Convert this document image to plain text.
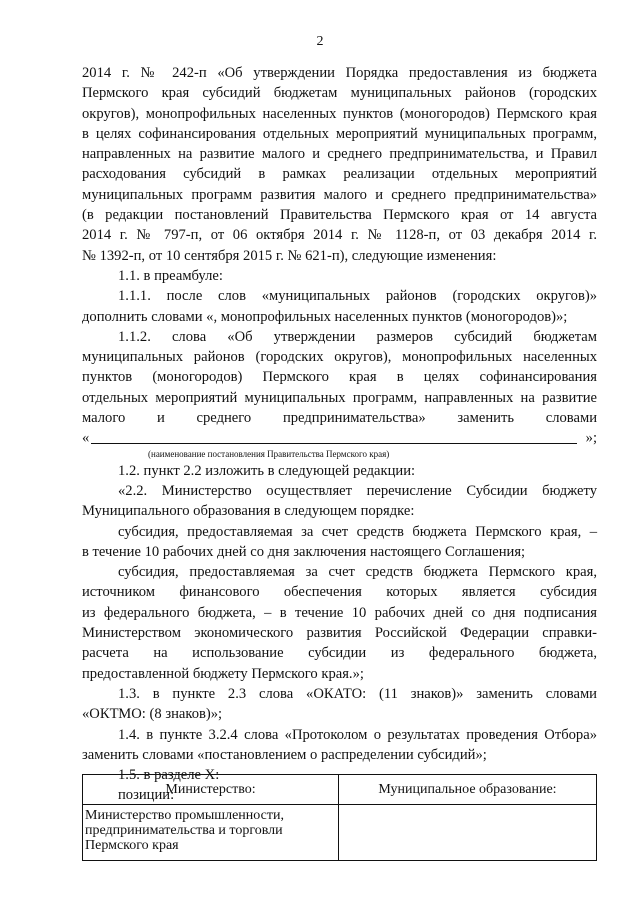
2

2014 г. № 242-п «Об утверждении Порядка предоставления из бюджета

Пермского края субсидий бюджетам муниципальных районов (городских

округов), монопрофильных населенных пунктов (моногородов) Пермского края

в целях софинансирования отдельных мероприятий муниципальных программ,

направленных на развитие малого и среднего предпринимательства, и Правил

расходования субсидий в рамках реализации отдельных мероприятий

муниципальных программ развития малого и среднего предпринимательства»

(в редакции постановлений Правительства Пермского края от 14 августа

2014 г. № 797-п, от 06 октября 2014 г. № 1128-п, от 03 декабря 2014 г.

№ 1392-п, от 10 сентября 2015 г. № 621-п), следующие изменения:

1.1. в преамбуле:

1.1.1. после слов «муниципальных районов (городских округов)»

дополнить словами «, монопрофильных населенных пунктов (моногородов)»;

1.1.2. слова «Об утверждении размеров субсидий бюджетам

муниципальных районов (городских округов), монопрофильных населенных

пунктов (моногородов) Пермского края в целях софинансирования

отдельных мероприятий муниципальных программ, направленных на развитие

малого и среднего предпринимательства» заменить словами

«	»;

(наименование постановления Правительства Пермского края)

1.2. пункт 2.2 изложить в следующей редакции:

«2.2. Министерство осуществляет перечисление Субсидии бюджету

Муниципального образования в следующем порядке:

субсидия, предоставляемая за счет средств бюджета Пермского края, –

в течение 10 рабочих дней со дня заключения настоящего Соглашения;

субсидия, предоставляемая за счет средств бюджета Пермского края,

источником финансового обеспечения которых является субсидия

из федерального бюджета, – в течение 10 рабочих дней со дня подписания

Министерством экономического развития Российской Федерации справки-

расчета на использование субсидии из федерального бюджета,

предоставленной бюджету Пермского края.»;

1.3. в пункте 2.3 слова «ОКАТО: (11 знаков)» заменить словами

«ОКТМО: (8 знаков)»;

1.4. в пункте 3.2.4 слова «Протоколом о результатах проведения Отбора»

заменить словами «постановлением о распределении субсидий»;

1.5. в разделе X:

позиции:

Министерство:	Муниципальное образование:
Министерство промышленности, предпринимательства и торговли Пермского края	
